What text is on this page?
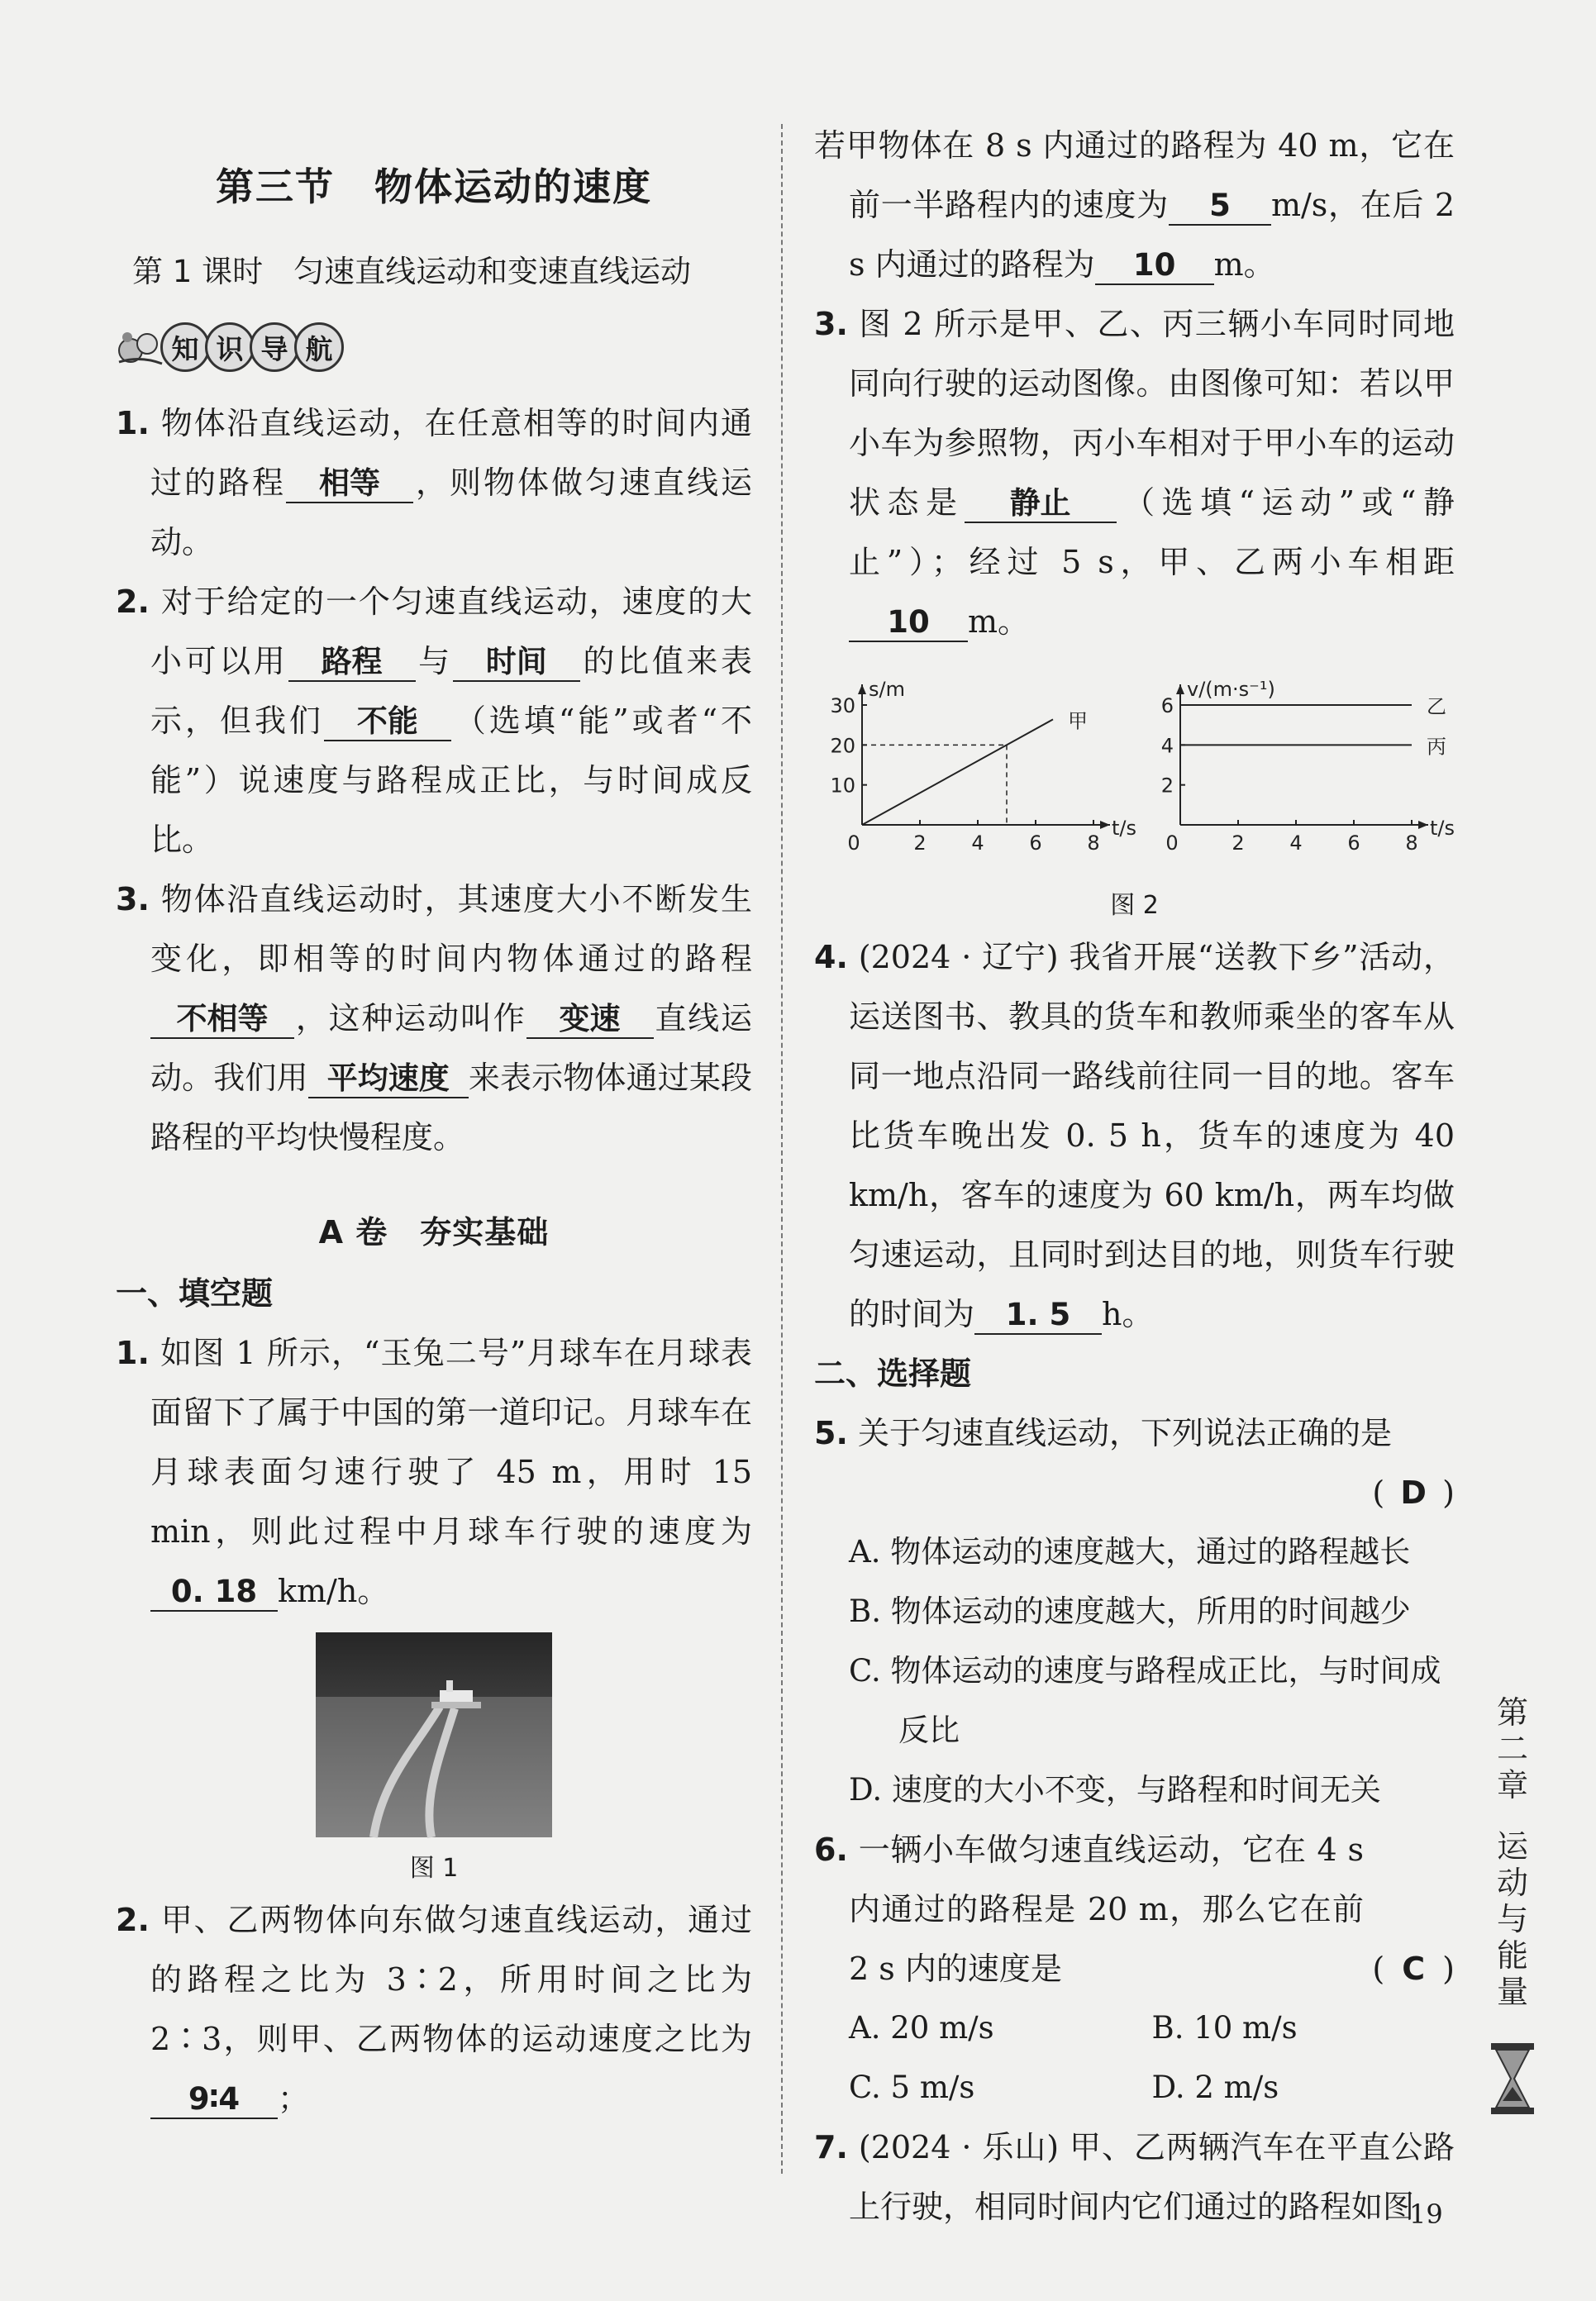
第三节　物体运动的速度
第 1 课时　匀速直线运动和变速直线运动
知 识 导 航

1. 物体沿直线运动，在任意相等的时间内通过的路程 相等 ，则物体做匀速直线运动。

2. 对于给定的一个匀速直线运动，速度的大小可以用 路程 与 时间 的比值来表示，但我们 不能 （选填“能”或者“不能”）说速度与路程成正比，与时间成反比。

3. 物体沿直线运动时，其速度大小不断发生变化，即相等的时间内物体通过的路程不相等 ，这种运动叫作 变速 直线运动。我们用 平均速度 来表示物体通过某段路程的平均快慢程度。

A 卷　夯实基础
一、填空题

1. 如图 1 所示，“玉兔二号”月球车在月球表面留下了属于中国的第一道印记。月球车在月球表面匀速行驶了 45 m，用时 15 min，则此过程中月球车行驶的速度为0. 18 km/h。

图 1

2. 甲、乙两物体向东做匀速直线运动，通过的路程之比为 3∶2，所用时间之比为 2∶3，则甲、乙两物体的运动速度之比为9∶4 ；

若甲物体在 8 s 内通过的路程为 40 m，它在前一半路程内的速度为 5 m/s，在后 2 s 内通过的路程为 10 m。

3. 图 2 所示是甲、乙、丙三辆小车同时同地同向行驶的运动图像。由图像可知：若以甲小车为参照物，丙小车相对于甲小车的运动状态是 静止 （选填“运动”或“静止”）；经过 5 s，甲、乙两小车相距10 m。

s/m
t/s
0	2 4 6 8
10
20
30
甲
v/(m·s⁻¹)
t/s
0	2 4 6 8
2
4
6	乙
丙
图 2

4. (2024 · 辽宁) 我省开展“送教下乡”活动，运送图书、教具的货车和教师乘坐的客车从同一地点沿同一路线前往同一目的地。客车比货车晚出发 0. 5 h，货车的速度为 40 km/h，客车的速度为 60 km/h，两车均做匀速运动，且同时到达目的地，则货车行驶的时间为 1. 5 h。

二、选择题

5. 关于匀速直线运动，下列说法正确的是

( D )

A. 物体运动的速度越大，通过的路程越长

B. 物体运动的速度越大，所用的时间越少

C. 物体运动的速度与路程成正比，与时间成反比

D. 速度的大小不变，与路程和时间无关

6. 一辆小车做匀速直线运动，它在 4 s 内通过的路程是 20 m，那么它在前 2 s 内的速度是	( C )

A. 20 m/s	B. 10 m/s
C. 5 m/s	D. 2 m/s

7. (2024 · 乐山) 甲、乙两辆汽车在平直公路上行驶，相同时间内它们通过的路程如图

第
二
章
运
动
与
能
量
19
